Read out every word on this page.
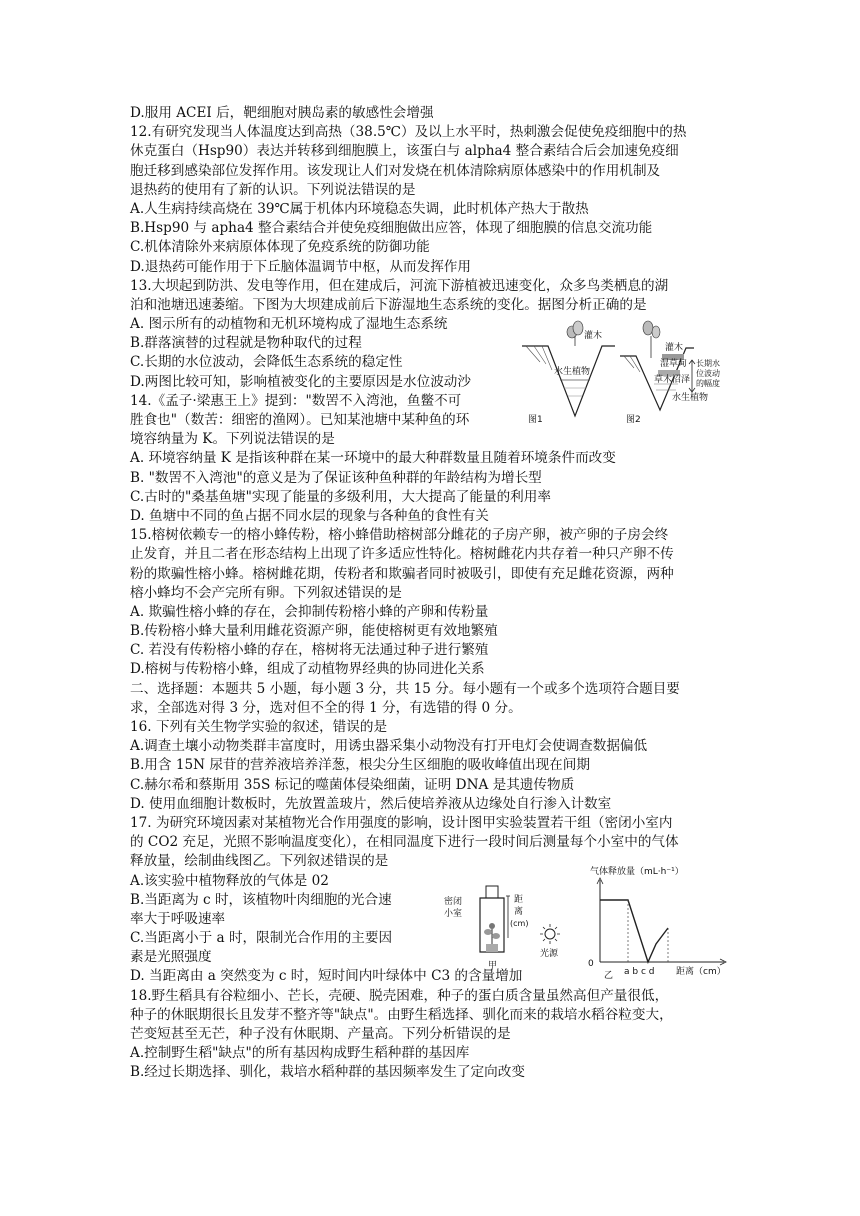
D.服用 ACEI 后，靶细胞对胰岛素的敏感性会增强
12.有研究发现当人体温度达到高热（38.5℃）及以上水平时，热刺激会促使免疫细胞中的热
休克蛋白（Hsp90）表达并转移到细胞膜上，该蛋白与 alpha4 整合素结合后会加速免疫细
胞迁移到感染部位发挥作用。该发现让人们对发烧在机体清除病原体感染中的作用机制及
退热药的使用有了新的认识。下列说法错误的是
A.人生病持续高烧在 39℃属于机体内环境稳态失调，此时机体产热大于散热
B.Hsp90 与 apha4 整合素结合并使免疫细胞做出应答，体现了细胞膜的信息交流功能
C.机体清除外来病原体体现了免疫系统的防御功能
D.退热药可能作用于下丘脑体温调节中枢，从而发挥作用
13.大坝起到防洪、发电等作用，但在建成后，河流下游植被迅速变化，众多鸟类栖息的湖
泊和池塘迅速萎缩。下图为大坝建成前后下游湿地生态系统的变化。据图分析正确的是
A. 图示所有的动植物和无机环境构成了湿地生态系统
B.群落演替的过程就是物种取代的过程
C.长期的水位波动，会降低生态系统的稳定性
D.两图比较可知，影响植被变化的主要原因是水位波动沙
14.《孟子·梁惠王上》提到："数罟不入湾池，鱼鳖不可
胜食也"（数苦：细密的渔网）。已知某池塘中某种鱼的环
境容纳量为 K。下列说法错误的是
A. 环境容纳量 K 是指该种群在某一环境中的最大种群数量且随着环境条件而改变
B. "数罟不入湾池"的意义是为了保证该种鱼种群的年龄结构为增长型
C.古时的"桑基鱼塘"实现了能量的多级利用，大大提高了能量的利用率
D. 鱼塘中不同的鱼占据不同水层的现象与各种鱼的食性有关
15.榕树依赖专一的榕小蜂传粉，榕小蜂借助榕树部分雌花的子房产卵，被产卵的子房会终
止发育，并且二者在形态结构上出现了许多适应性特化。榕树雌花内共存着一种只产卵不传
粉的欺骗性榕小蜂。榕树雌花期，传粉者和欺骗者同时被吸引，即使有充足雌花资源，两种
榕小蜂均不会产完所有卵。下列叙述错误的是
A. 欺骗性榕小蜂的存在，会抑制传粉榕小蜂的产卵和传粉量
B.传粉榕小蜂大量利用雌花资源产卵，能使榕树更有效地繁殖
C. 若没有传粉榕小蜂的存在，榕树将无法通过种子进行繁殖
D.榕树与传粉榕小蜂，组成了动植物界经典的协同进化关系
二、选择题：本题共 5 小题，每小题 3 分，共 15 分。每小题有一个或多个选项符合题目要
求，全部选对得 3 分，选对但不全的得 1 分，有选错的得 0 分。
16. 下列有关生物学实验的叙述，错误的是
A.调查土壤小动物类群丰富度时，用诱虫器采集小动物没有打开电灯会使调查数据偏低
B.用含 15N 尿苷的营养液培养洋葱，根尖分生区细胞的吸收峰值出现在间期
C.赫尔希和蔡斯用 35S 标记的噬菌体侵染细菌，证明 DNA 是其遗传物质
D. 使用血细胞计数板时，先放置盖玻片，然后使培养液从边缘处自行渗入计数室
17. 为研究环境因素对某植物光合作用强度的影响，设计图甲实验装置若干组（密闭小室内
的 CO2 充足，光照不影响温度变化），在相同温度下进行一段时间后测量每个小室中的气体
释放量，绘制曲线图乙。下列叙述错误的是
A.该实验中植物释放的气体是 02
B.当距离为 c 时，该植物叶肉细胞的光合速
率大于呼吸速率
C.当距离小于 a 时，限制光合作用的主要因
素是光照强度
D. 当距离由 a 突然变为 c 时，短时间内叶绿体中 C3 的含量增加
18.野生稻具有谷粒细小、芒长，壳硬、脱壳困难，种子的蛋白质含量虽然高但产量很低，
种子的休眠期很长且发芽不整齐等"缺点"。由野生稻选择、驯化而来的栽培水稻谷粒变大，
芒变短甚至无芒，种子没有休眠期、产量高。下列分析错误的是
A.控制野生稻"缺点"的所有基因构成野生稻种群的基因库
B.经过长期选择、驯化，栽培水稻种群的基因频率发生了定向改变
灌木
水生植物
图1
灌木
湿草甸
草木沼泽
水生植物
长期水
位波动
的幅度
图2
密闭
小室
距
离
(cm)
光源
甲
气体释放量（mL·h⁻¹）
0
a b c d 距离（cm）
乙
